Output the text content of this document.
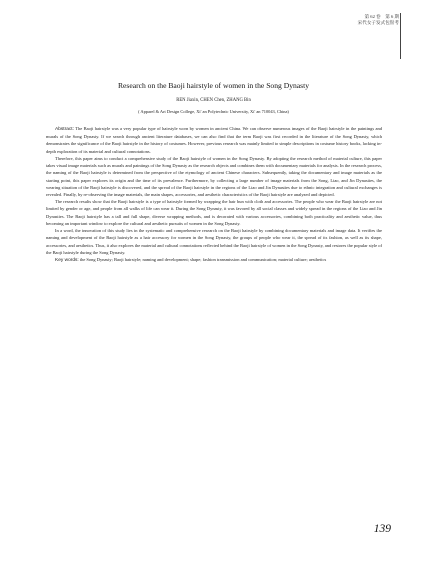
第 62 卷　第 6 期
宋代女子发式包髻考
Research on the Baoji hairstyle of women in the Song Dynasty
REN Jiaxin, CHEN Chen, ZHANG Bin
( Apparel & Art Design College, Xi' an Polytechnic University, Xi' an 710043, China)

Abstract: The Baoji hairstyle was a very popular type of hairstyle worn by women in ancient China. We can observe numerous images of the Baoji hairstyle in the paintings and murals of the Song Dynasty. If we search through ancient literature databases, we can also find that the term Baoji was first recorded in the literature of the Song Dynasty, which demonstrates the significance of the Baoji hairstyle in the history of costumes. However, previous research was mainly limited to simple descriptions in costume history books, lacking in-depth exploration of its material and cultural connotations.

Therefore, this paper aims to conduct a comprehensive study of the Baoji hairstyle of women in the Song Dynasty. By adopting the research method of material culture, this paper takes visual image materials such as murals and paintings of the Song Dynasty as the research objects and combines them with documentary materials for analysis. In the research process, the naming of the Baoji hairstyle is determined from the perspective of the etymology of ancient Chinese characters. Subsequently, taking the documentary and image materials as the starting point, this paper explores its origin and the time of its prevalence. Furthermore, by collecting a large number of image materials from the Song, Liao, and Jin Dynasties, the wearing situation of the Baoji hairstyle is discovered, and the spread of the Baoji hairstyle in the regions of the Liao and Jin Dynasties due to ethnic integration and cultural exchanges is revealed. Finally, by re-observing the image materials, the main shapes, accessories, and aesthetic characteristics of the Baoji hairstyle are analyzed and depicted.

The research results show that the Baoji hairstyle is a type of hairstyle formed by wrapping the hair bun with cloth and accessories. The people who wear the Baoji hairstyle are not limited by gender or age, and people from all walks of life can wear it. During the Song Dynasty, it was favored by all social classes and widely spread in the regions of the Liao and Jin Dynasties. The Baoji hairstyle has a tall and full shape, diverse wrapping methods, and is decorated with various accessories, combining both practicality and aesthetic value, thus becoming an important window to explore the cultural and aesthetic pursuits of women in the Song Dynasty.

In a word, the innovation of this study lies in the systematic and comprehensive research on the Baoji hairstyle by combining documentary materials and image data. It verifies the naming and development of the Baoji hairstyle as a hair accessory for women in the Song Dynasty, the groups of people who wear it, the spread of its fashion, as well as its shape, accessories, and aesthetics. Thus, it also explores the material and cultural connotations reflected behind the Baoji hairstyle of women in the Song Dynasty, and restores the popular style of the Baoji hairstyle during the Song Dynasty.

Key words: the Song Dynasty; Baoji hairstyle; naming and development; shape; fashion transmission and communication; material culture; aesthetics

139
